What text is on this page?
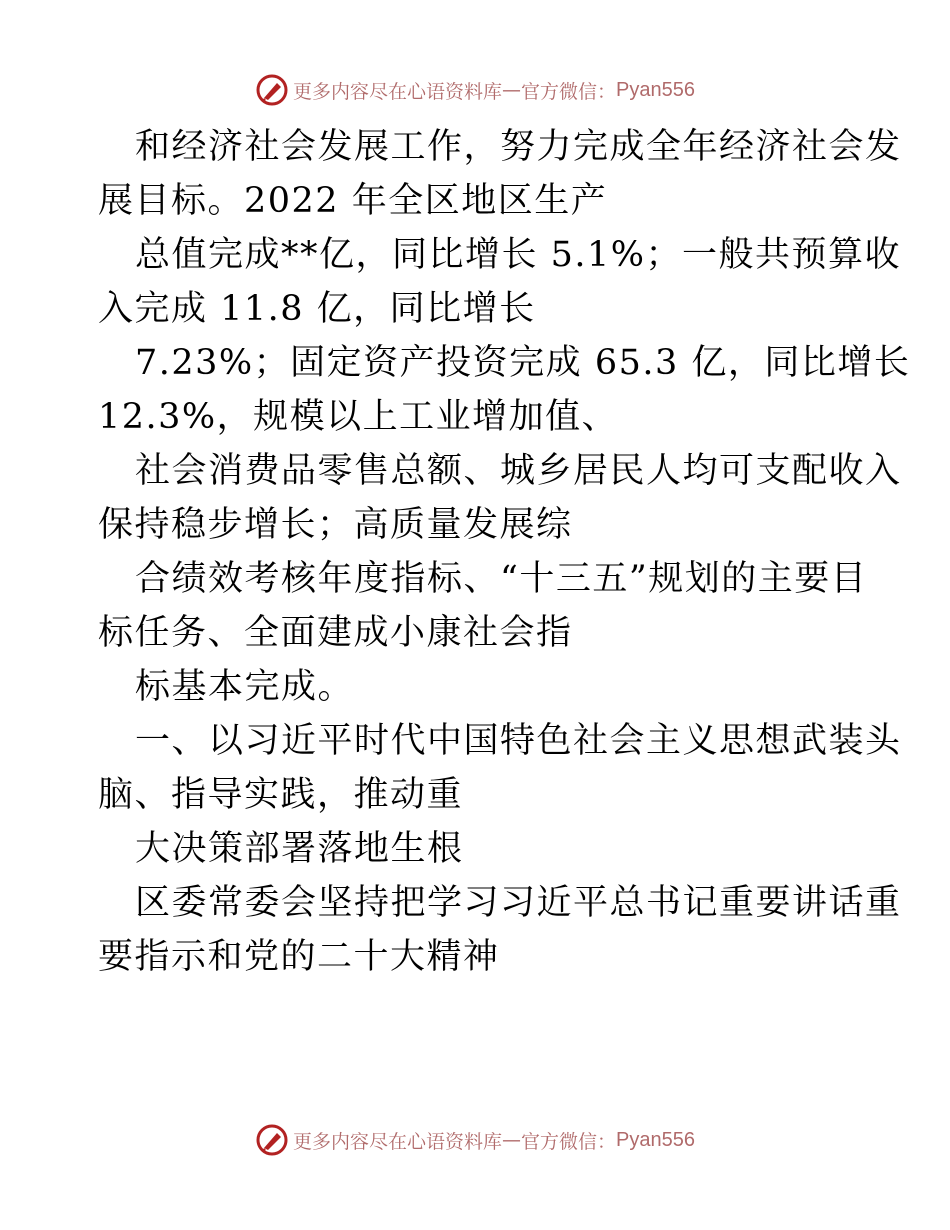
更多内容尽在心语资料库 — 官方微信： Pyan556
和经济社会发展工作，努力完成全年经济社会发
展目标。2022 年全区地区生产
总值完成**亿，同比增长 5.1%；一般共预算收
入完成 11.8 亿，同比增长
7.23%；固定资产投资完成 65.3 亿，同比增长
12.3%，规模以上工业增加值、
社会消费品零售总额、城乡居民人均可支配收入
保持稳步增长；高质量发展综
合绩效考核年度指标、“十三五”规划的主要目
标任务、全面建成小康社会指
标基本完成。
一、以习近平时代中国特色社会主义思想武装头
脑、指导实践，推动重
大决策部署落地生根
区委常委会坚持把学习习近平总书记重要讲话重
要指示和党的二十大精神
更多内容尽在心语资料库 — 官方微信： Pyan556
